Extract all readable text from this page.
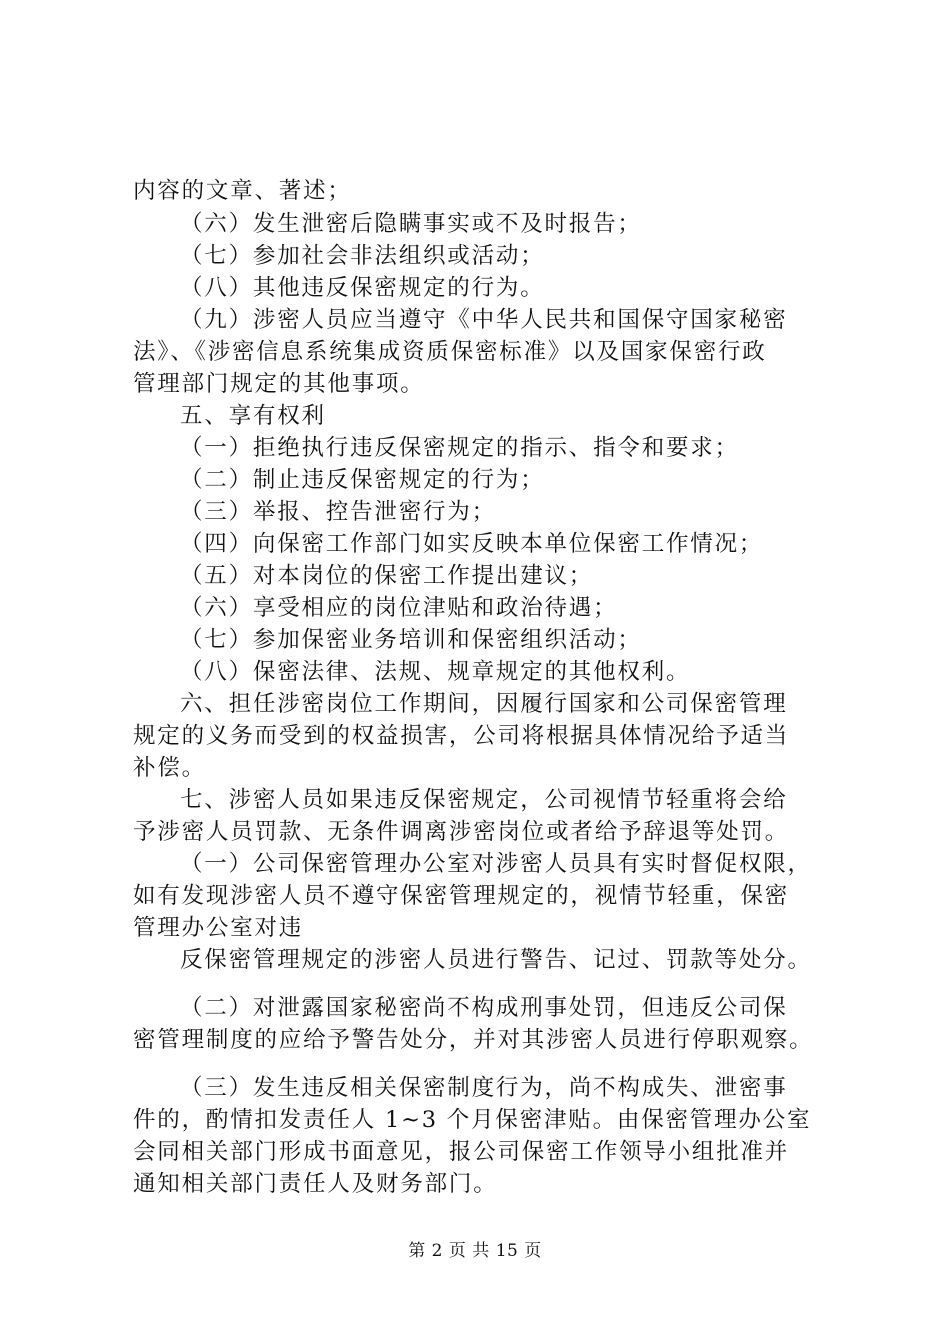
内容的文章、著述；
（六）发生泄密后隐瞒事实或不及时报告；
（七）参加社会非法组织或活动；
（八）其他违反保密规定的行为。
（九）涉密人员应当遵守《中华人民共和国保守国家秘密
法》、《涉密信息系统集成资质保密标准》以及国家保密行政
管理部门规定的其他事项。
五、享有权利
（一）拒绝执行违反保密规定的指示、指令和要求；
（二）制止违反保密规定的行为；
（三）举报、控告泄密行为；
（四）向保密工作部门如实反映本单位保密工作情况；
（五）对本岗位的保密工作提出建议；
（六）享受相应的岗位津贴和政治待遇；
（七）参加保密业务培训和保密组织活动；
（八）保密法律、法规、规章规定的其他权利。
六、担任涉密岗位工作期间，因履行国家和公司保密管理
规定的义务而受到的权益损害，公司将根据具体情况给予适当
补偿。
七、涉密人员如果违反保密规定，公司视情节轻重将会给
予涉密人员罚款、无条件调离涉密岗位或者给予辞退等处罚。
（一）公司保密管理办公室对涉密人员具有实时督促权限，
如有发现涉密人员不遵守保密管理规定的，视情节轻重，保密
管理办公室对违
反保密管理规定的涉密人员进行警告、记过、罚款等处分。
（二）对泄露国家秘密尚不构成刑事处罚，但违反公司保
密管理制度的应给予警告处分，并对其涉密人员进行停职观察。
（三）发生违反相关保密制度行为，尚不构成失、泄密事
件的，酌情扣发责任人 1~3 个月保密津贴。由保密管理办公室
会同相关部门形成书面意见，报公司保密工作领导小组批准并
通知相关部门责任人及财务部门。
第 2 页 共 15 页
